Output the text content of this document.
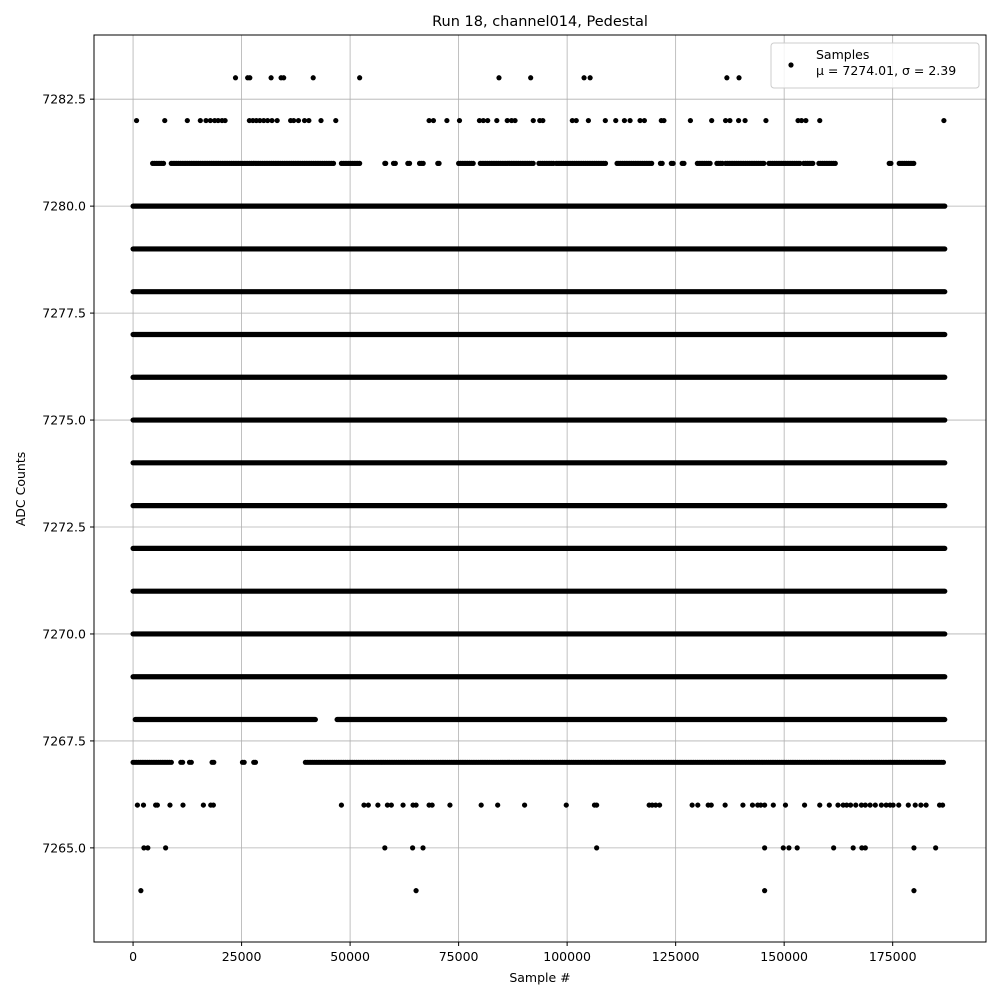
0	25000	50000	75000	100000	125000	150000	175000
7265.0
7267.5
7270.0
7272.5
7275.0
7277.5
7280.0
7282.5
Run 18, channel014, Pedestal
Sample #
ADC Counts
Samples
μ = 7274.01, σ = 2.39
